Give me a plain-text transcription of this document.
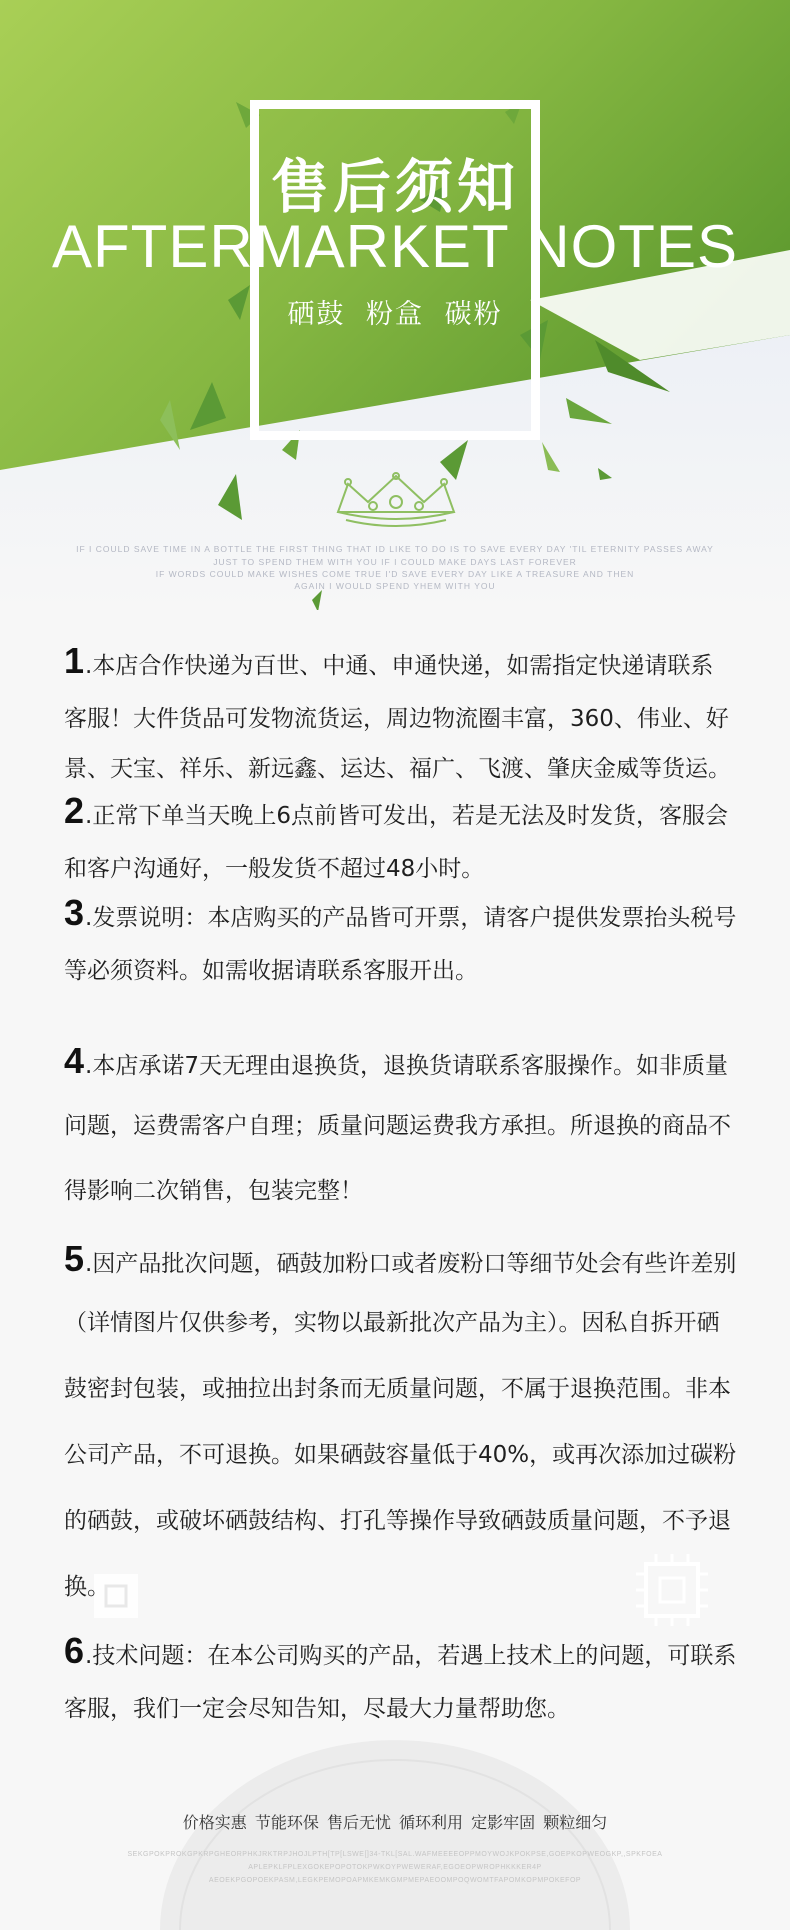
售后须知
AFTERMARKET NOTES
硒鼓 粉盒 碳粉
IF I COULD SAVE TIME IN A BOTTLE THE FIRST THING THAT ID LIKE TO DO IS TO SAVE EVERY DAY 'TIL ETERNITY PASSES AWAY
JUST TO SPEND THEM WITH YOU IF I COULD MAKE DAYS LAST FOREVER
IF WORDS COULD MAKE WISHES COME TRUE I'D SAVE EVERY DAY LIKE A TREASURE AND THEN
AGAIN I WOULD SPEND YHEM WITH YOU
1.本店合作快递为百世、中通、申通快递，如需指定快递请联系
客服！大件货品可发物流货运，周边物流圈丰富，360、伟业、好
景、天宝、祥乐、新远鑫、运达、福广、飞渡、肇庆金威等货运。
2.正常下单当天晚上6点前皆可发出，若是无法及时发货，客服会
和客户沟通好，一般发货不超过48小时。
3.发票说明：本店购买的产品皆可开票，请客户提供发票抬头税号
等必须资料。如需收据请联系客服开出。
4.本店承诺7天无理由退换货，退换货请联系客服操作。如非质量
问题，运费需客户自理；质量问题运费我方承担。所退换的商品不
得影响二次销售，包装完整！
5.因产品批次问题，硒鼓加粉口或者废粉口等细节处会有些许差别
（详情图片仅供参考，实物以最新批次产品为主）。因私自拆开硒
鼓密封包装，或抽拉出封条而无质量问题，不属于退换范围。非本
公司产品，不可退换。如果硒鼓容量低于40%，或再次添加过碳粉
的硒鼓，或破坏硒鼓结构、打孔等操作导致硒鼓质量问题，不予退
换。
6.技术问题：在本公司购买的产品，若遇上技术上的问题，可联系
客服，我们一定会尽知告知，尽最大力量帮助您。
价格实惠 节能环保 售后无忧 循环利用 定影牢固 颗粒细匀
SEKGPOKPROKGPKRPGHEORPHKJRKTRPJHOJLPTH[TP[LSWE[]34-TKL[SAL.WAFMEEEEOPPMOYWOJKPOKPSE,GOEPKOPWEOGKP,,SPKFOEA
APLEPKLFPLEXGOKEPOPOTOKPWKOYPWEWERAF,EGOEOPWROPHKKKER4P
AEOEKPGOPOEKPASM,LEGKPEMOPOAPMKEMKGMPMEPAEOOMPOQWOMTFAPOMKOPMPOKEFOP
